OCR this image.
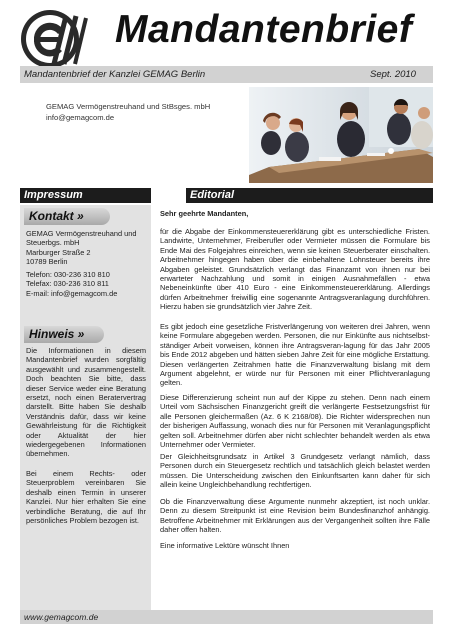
Mandantenbrief
Mandantenbrief der Kanzlei GEMAG Berlin	Sept. 2010
GEMAG Vermögenstreuhand und StBsges. mbH
info@gemagcom.de
Impressum	Editorial
Kontakt »
GEMAG Vermögenstreuhand und Steuerbgs. mbH
Marburger Straße 2
10789 Berlin
Telefon: 030-236 310 810
Telefax: 030-236 310 811
E-mail: info@gemagcom.de
Hinweis »
Die Informationen in diesem Mandantenbrief wurden sorgfältig ausgewählt und zusammengestellt. Doch beachten Sie bitte, dass dieser Service weder eine Beratung ersetzt, noch einen Beratervertrag darstellt. Bitte haben Sie deshalb Verständnis dafür, dass wir keine Gewährleistung für die Richtigkeit oder Aktualität der hier wiedergegebenen Informationen übernehmen.
Bei einem Rechts- oder Steuerproblem vereinbaren Sie deshalb einen Termin in unserer Kanzlei. Nur hier erhalten Sie eine verbindliche Beratung, die auf Ihr persönliches Problem bezogen ist.
Sehr geehrte Mandanten,
für die Abgabe der Einkommensteuererklärung gibt es unterschiedliche Fristen. Landwirte, Unternehmer, Freiberufler oder Vermieter müssen die Formulare bis Ende Mai des Folgejahres einreichen, wenn sie keinen Steuerberater einschalten. Arbeitnehmer hingegen haben über die einbehaltene Lohnsteuer bereits ihre Abgaben geleistet. Grundsätzlich verlangt das Finanzamt von ihnen nur bei erwarteter Nachzahlung und somit in einigen Ausnahmefällen - etwa Nebeneinkünfte über 410 Euro - eine Einkommensteuererklärung. Allerdings dürfen Arbeitnehmer freiwillig eine sogenannte Antragsveranlagung durchführen. Hierzu haben sie grundsätzlich vier Jahre Zeit.
Es gibt jedoch eine gesetzliche Fristverlängerung von weiteren drei Jahren, wenn keine Formulare abgegeben werden. Personen, die nur Einkünfte aus nichtselbst-ständiger Arbeit vorweisen, können ihre Antragsveran-lagung für das Jahr 2005 bis Ende 2012 abgeben und hätten sieben Jahre Zeit für eine mögliche Erstattung. Diesen verlängerten Zeitrahmen hatte die Finanzverwaltung bislang mit dem Argument abgelehnt, er würde nur für Personen mit einer Pflichtveranlagung gelten.
Diese Differenzierung scheint nun auf der Kippe zu stehen. Denn nach einem Urteil vom Sächsischen Finanzgericht greift die verlängerte Festsetzungsfrist für alle Personen gleichermaßen (Az. 6 K 2168/08). Die Richter widersprechen nun der bisherigen Auffassung, wonach dies nur für Personen mit Veranlagungspflicht gelten soll. Arbeitnehmer dürfen aber nicht schlechter behandelt werden als etwa Unternehmer oder Vermieter.
Der Gleichheitsgrundsatz in Artikel 3 Grundgesetz verlangt nämlich, dass Personen durch ein Steuergesetz rechtlich und tatsächlich gleich belastet werden müssen. Die Unterscheidung zwischen den Einkunftsarten kann daher für sich allein keine Ungleichbehandlung rechtfertigen.
Ob die Finanzverwaltung diese Argumente nunmehr akzeptiert, ist noch unklar. Denn zu diesem Streitpunkt ist eine Revision beim Bundesfinanzhof anhängig. Betroffene Arbeitnehmer mit Erklärungen aus der Vergangenheit sollten ihre Fälle daher offen halten.
Eine informative Lektüre wünscht Ihnen
www.gemagcom.de
